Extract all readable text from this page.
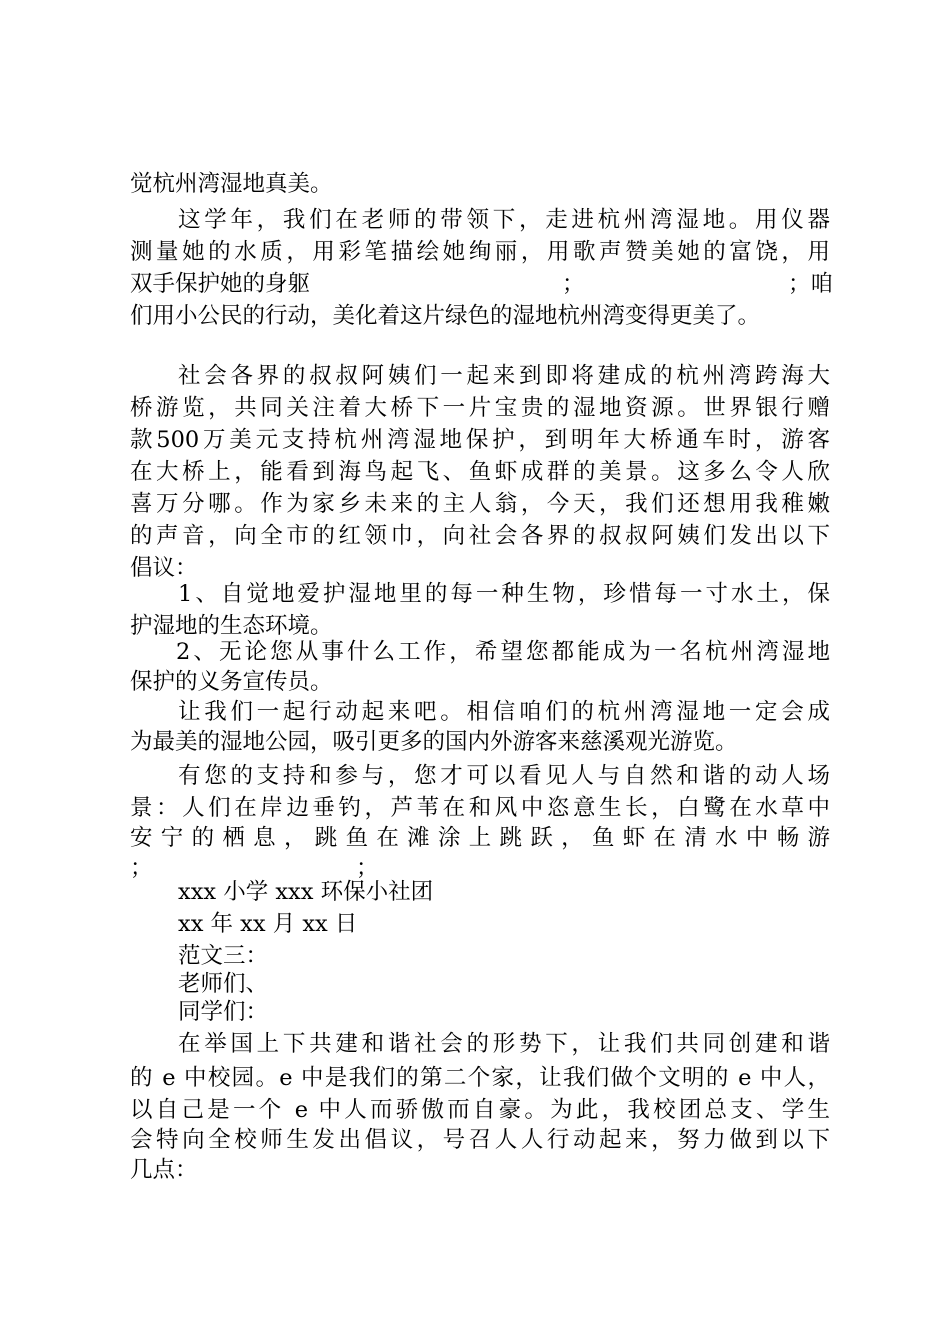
觉杭州湾湿地真美。
这学年，我们在老师的带领下，走进杭州湾湿地。用仪器
测量她的水质，用彩笔描绘她绚丽，用歌声赞美她的富饶，用
双手保护她的身躯	；	；咱
们用小公民的行动，美化着这片绿色的湿地杭州湾变得更美了。
社会各界的叔叔阿姨们一起来到即将建成的杭州湾跨海大
桥游览，共同关注着大桥下一片宝贵的湿地资源。世界银行赠
款500万美元支持杭州湾湿地保护，到明年大桥通车时，游客
在大桥上，能看到海鸟起飞、鱼虾成群的美景。这多么令人欣
喜万分哪。作为家乡未来的主人翁，今天，我们还想用我稚嫩
的声音，向全市的红领巾，向社会各界的叔叔阿姨们发出以下
倡议：
1、自觉地爱护湿地里的每一种生物，珍惜每一寸水土，保
护湿地的生态环境。
2、无论您从事什么工作，希望您都能成为一名杭州湾湿地
保护的义务宣传员。
让我们一起行动起来吧。相信咱们的杭州湾湿地一定会成
为最美的湿地公园，吸引更多的国内外游客来慈溪观光游览。
有您的支持和参与，您才可以看见人与自然和谐的动人场
景：人们在岸边垂钓，芦苇在和风中恣意生长，白鹭在水草中
安宁的栖息，跳鱼在滩涂上跳跃，鱼虾在清水中畅游
；	；
xxx 小学 xxx 环保小社团
xx 年 xx 月 xx 日
范文三：
老师们、
同学们：
在举国上下共建和谐社会的形势下，让我们共同创建和谐
的 e 中校园。e 中是我们的第二个家，让我们做个文明的 e 中人，
以自己是一个 e 中人而骄傲而自豪。为此，我校团总支、学生
会特向全校师生发出倡议，号召人人行动起来，努力做到以下
几点：
